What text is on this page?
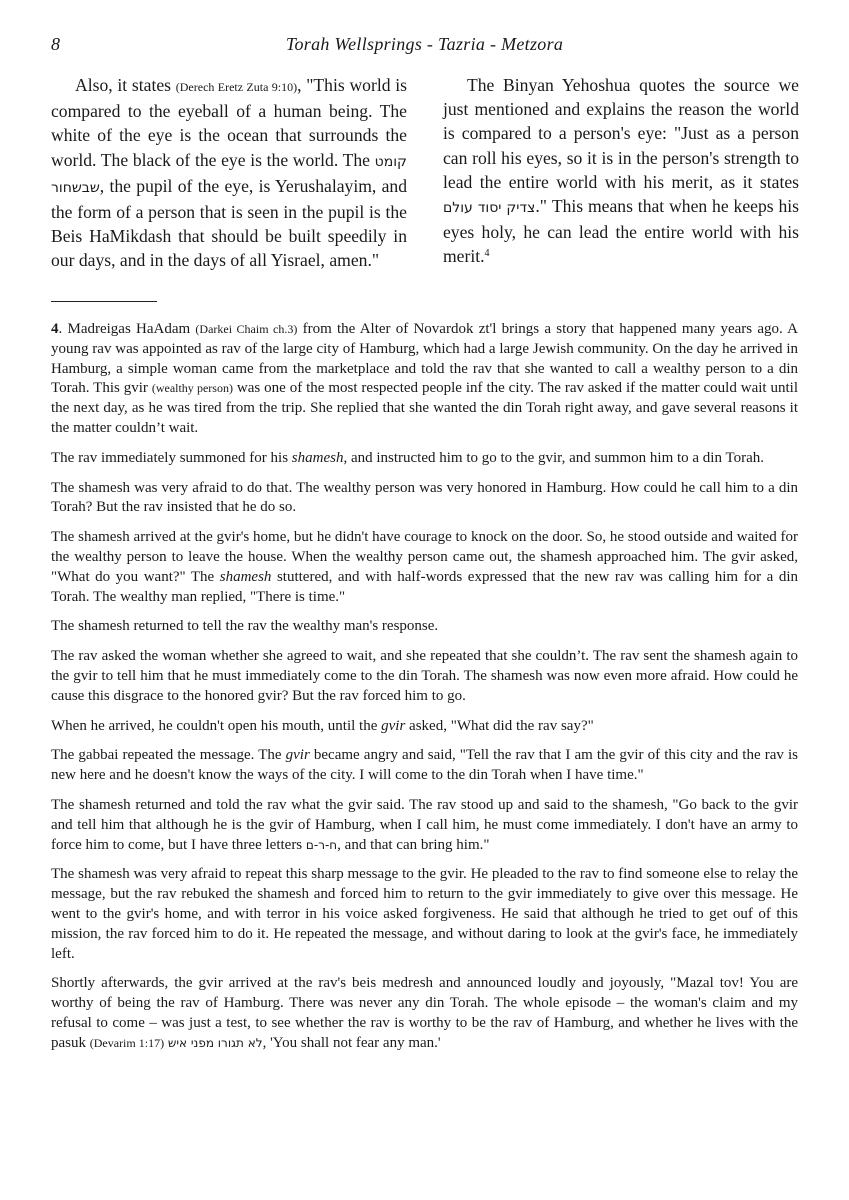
8	Torah Wellsprings - Tazria - Metzora

Also, it states (Derech Eretz Zuta 9:10), "This world is compared to the eyeball of a human being. The white of the eye is the ocean that surrounds the world. The black of the eye is the world. The קומט שבשחור, the pupil of the eye, is Yerushalayim, and the form of a person that is seen in the pupil is the Beis HaMikdash that should be built speedily in our days, and in the days of all Yisrael, amen."

The Binyan Yehoshua quotes the source we just mentioned and explains the reason the world is compared to a person's eye: "Just as a person can roll his eyes, so it is in the person's strength to lead the entire world with his merit, as it states צדיק יסוד עולם." This means that when he keeps his eyes holy, he can lead the entire world with his merit.$^4$

4. Madreigas HaAdam (Darkei Chaim ch.3) from the Alter of Novardok zt'l brings a story that happened many years ago. A young rav was appointed as rav of the large city of Hamburg, which had a large Jewish community. On the day he arrived in Hamburg, a simple woman came from the marketplace and told the rav that she wanted to call a wealthy person to a din Torah. This gvir (wealthy person) was one of the most respected people inf the city. The rav asked if the matter could wait until the next day, as he was tired from the trip. She replied that she wanted the din Torah right away, and gave several reasons it the matter couldn’t wait.

The rav immediately summoned for his shamesh, and instructed him to go to the gvir, and summon him to a din Torah.

The shamesh was very afraid to do that. The wealthy person was very honored in Hamburg. How could he call him to a din Torah? But the rav insisted that he do so.

The shamesh arrived at the gvir's home, but he didn't have courage to knock on the door. So, he stood outside and waited for the wealthy person to leave the house. When the wealthy person came out, the shamesh approached him. The gvir asked, "What do you want?" The shamesh stuttered, and with half-words expressed that the new rav was calling him for a din Torah. The wealthy man replied, "There is time."

The shamesh returned to tell the rav the wealthy man's response.

The rav asked the woman whether she agreed to wait, and she repeated that she couldn’t. The rav sent the shamesh again to the gvir to tell him that he must immediately come to the din Torah. The shamesh was now even more afraid. How could he cause this disgrace to the honored gvir? But the rav forced him to go.

When he arrived, he couldn't open his mouth, until the gvir asked, "What did the rav say?"

The gabbai repeated the message. The gvir became angry and said, "Tell the rav that I am the gvir of this city and the rav is new here and he doesn't know the ways of the city. I will come to the din Torah when I have time."

The shamesh returned and told the rav what the gvir said. The rav stood up and said to the shamesh, "Go back to the gvir and tell him that although he is the gvir of Hamburg, when I call him, he must come immediately. I don't have an army to force him to come, but I have three letters ח-ר-ם, and that can bring him."

The shamesh was very afraid to repeat this sharp message to the gvir. He pleaded to the rav to find someone else to relay the message, but the rav rebuked the shamesh and forced him to return to the gvir immediately to give over this message. He went to the gvir's home, and with terror in his voice asked forgiveness. He said that although he tried to get ouf of this mission, the rav forced him to do it. He repeated the message, and without daring to look at the gvir's face, he immediately left.

Shortly afterwards, the gvir arrived at the rav's beis medresh and announced loudly and joyously, "Mazal tov! You are worthy of being the rav of Hamburg. There was never any din Torah. The whole episode – the woman's claim and my refusal to come – was just a test, to see whether the rav is worthy to be the rav of Hamburg, and whether he lives with the pasuk (Devarim 1:17) לא תגורו מפני איש, 'You shall not fear any man.'
